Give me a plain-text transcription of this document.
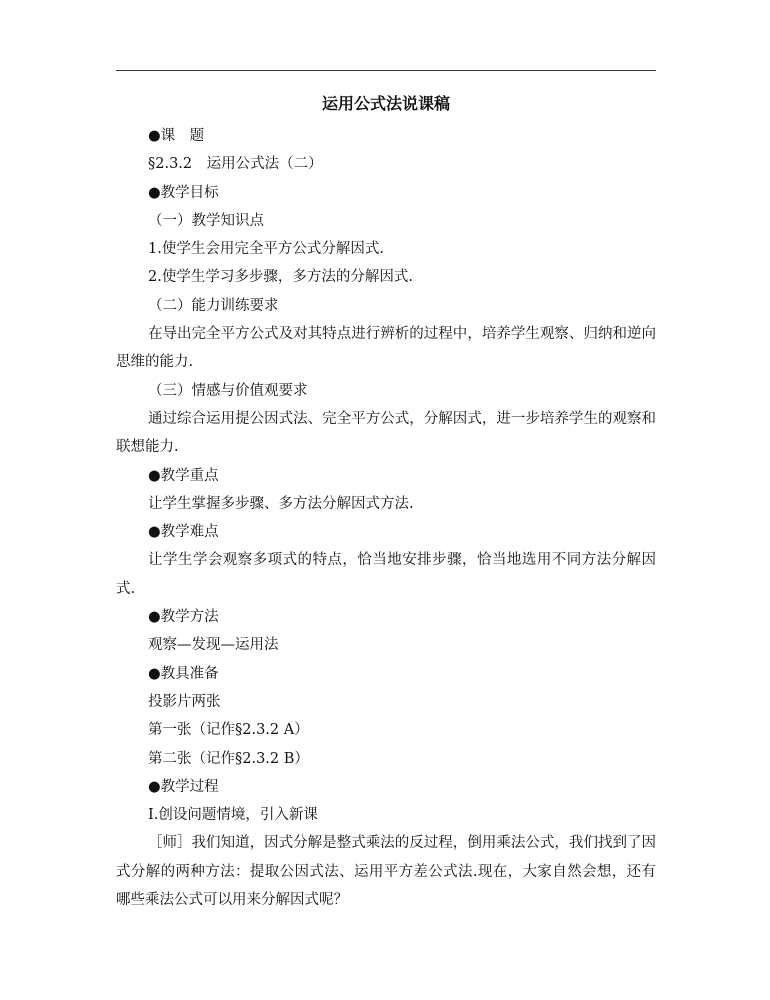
运用公式法说课稿

●课　题

§2.3.2　运用公式法（二）

●教学目标

（一）教学知识点

1.使学生会用完全平方公式分解因式.

2.使学生学习多步骤，多方法的分解因式.

（二）能力训练要求

在导出完全平方公式及对其特点进行辨析的过程中，培养学生观察、归纳和逆向思维的能力.

（三）情感与价值观要求

通过综合运用提公因式法、完全平方公式，分解因式，进一步培养学生的观察和联想能力.

●教学重点

让学生掌握多步骤、多方法分解因式方法.

●教学难点

让学生学会观察多项式的特点，恰当地安排步骤，恰当地选用不同方法分解因式.

●教学方法

观察—发现—运用法

●教具准备

投影片两张

第一张（记作§2.3.2 A）

第二张（记作§2.3.2 B）

●教学过程

Ⅰ.创设问题情境，引入新课

［师］我们知道，因式分解是整式乘法的反过程，倒用乘法公式，我们找到了因式分解的两种方法：提取公因式法、运用平方差公式法.现在，大家自然会想，还有哪些乘法公式可以用来分解因式呢？
